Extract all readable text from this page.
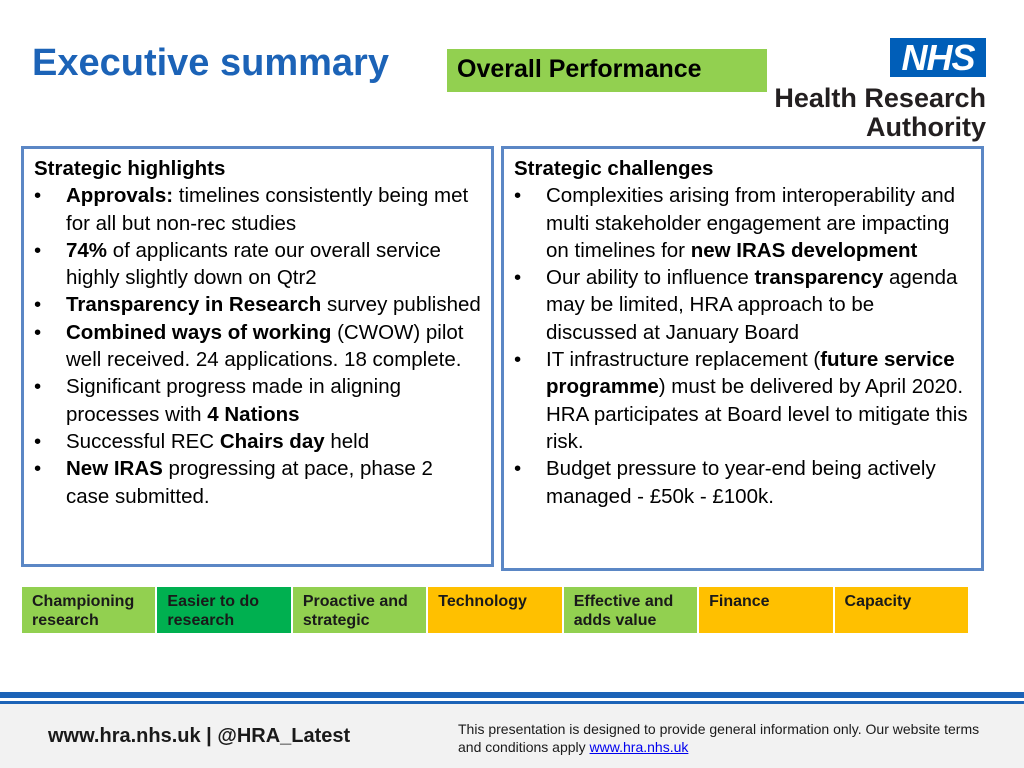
Executive summary	Overall Performance	NHS
Health Research
Authority
Strategic highlights
• Approvals: timelines consistently being met for all but non-rec studies
• 74% of applicants rate our overall service highly slightly down on Qtr2
• Transparency in Research survey published
• Combined ways of working (CWOW) pilot well received. 24 applications. 18 complete.
• Significant progress made in aligning processes with 4 Nations
• Successful REC Chairs day held
• New IRAS progressing at pace, phase 2 case submitted.
Strategic challenges
• Complexities arising from interoperability and multi stakeholder engagement are impacting on timelines for new IRAS development
• Our ability to influence transparency agenda may be limited, HRA approach to be discussed at January Board
• IT infrastructure replacement (future service programme) must be delivered by April 2020. HRA participates at Board level to mitigate this risk.
• Budget pressure to year-end being actively managed - £50k - £100k.
Championing research
Easier to do research
Proactive and strategic
Technology	Effective and adds value
Finance	Capacity
www.hra.nhs.uk | @HRA_Latest	This presentation is designed to provide general information only. Our website terms and conditions apply www.hra.nhs.uk
